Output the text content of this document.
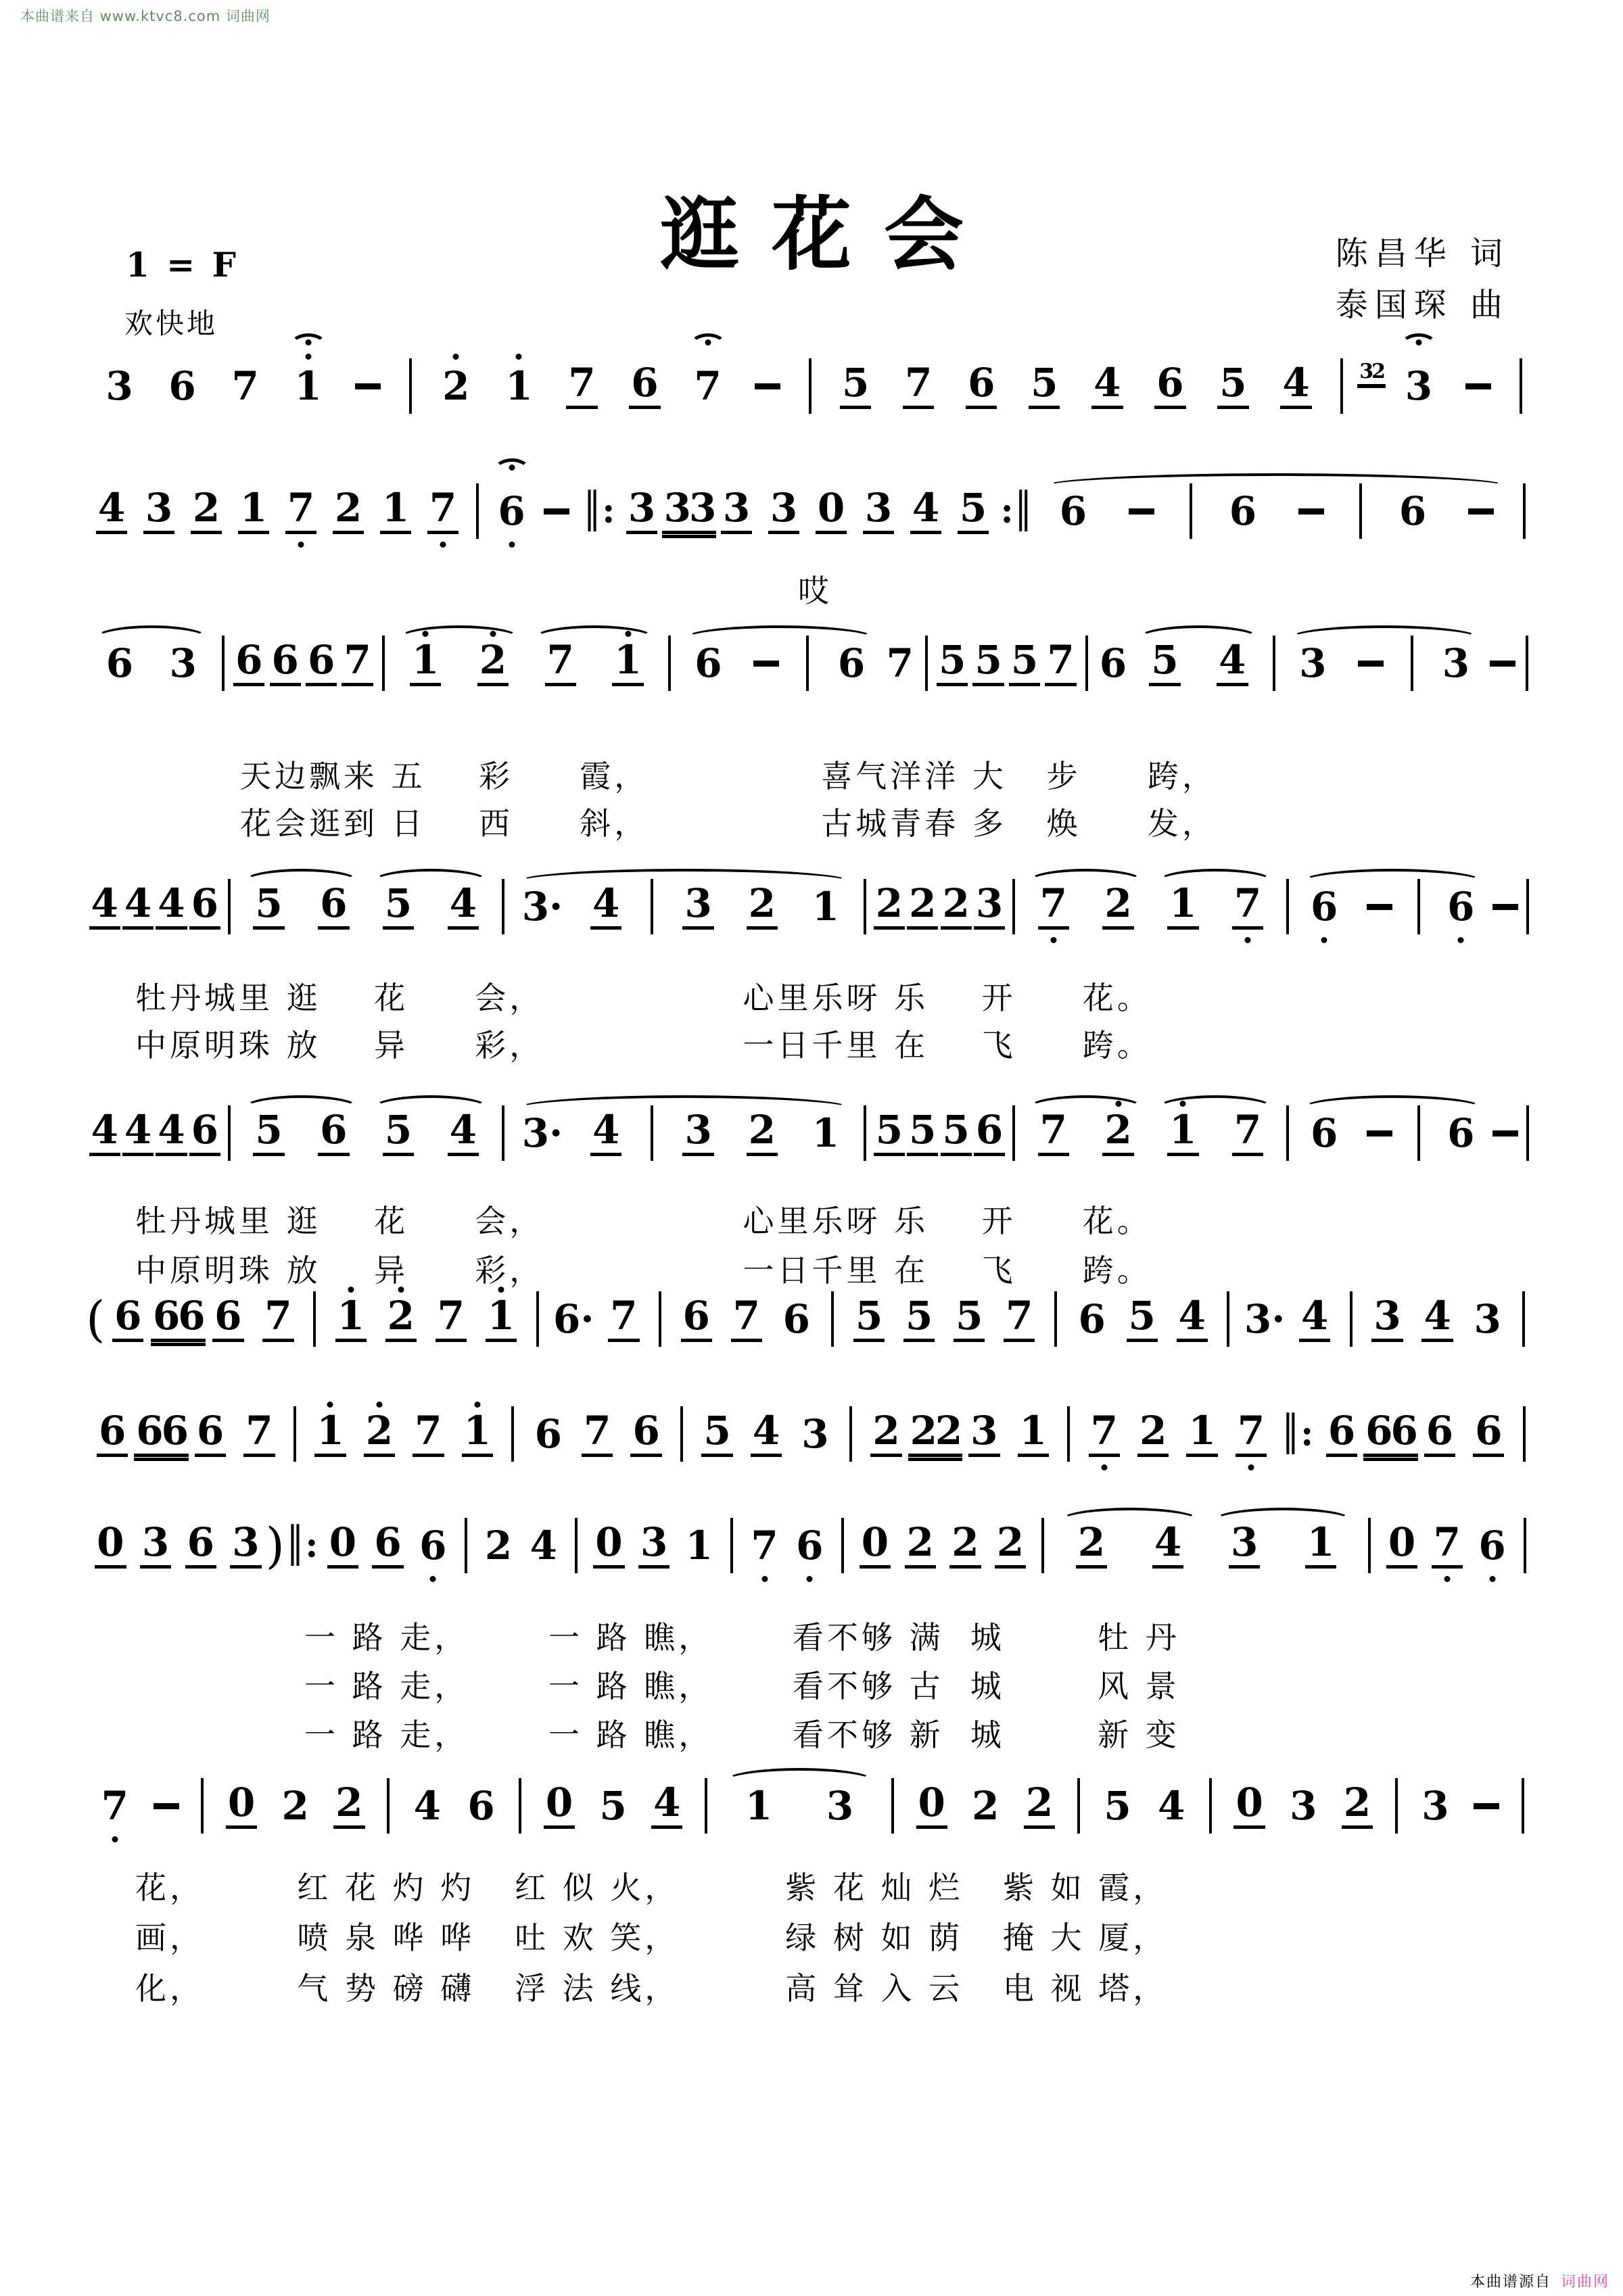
本曲谱来自 www.ktvc8.com 词曲网
逛花会	陈昌华 词
泰国琛 曲
1 = F
欢快地
3 6 7 1	2 1 7 6 7	5 7 6 5 4 6 5 4 32 3
4 3 2 1 7 2 1 7 6 ║: 3 33 3 3 0 3 4 5 :║ 6	6	6
6 3 6 6 6 7 1 2 7 1 6	6 7 5 5 5 7 6 5 4 3	3
4 4 4 6 5 6 5 4 3· 4 3 2 1 2 2 2 3 7 2 1 7 6	6
4 4 4 6 5 6 5 4 3· 4 3 2 1 5 5 5 6 7 2 1 7 6	6
( 6 66 6 7 1 2 7 1 6· 7 6 7 6 5 5 5 7 6 5 4 3· 4 3 4 3
6 66 6 7 1 2 7 1 6 7 6 5 4 3 2 22 3 1 7 2 1 7 ║: 6 66 6 6
0 3 6 3 ) ║: 0 6 6 2 4 0 3 1 7 6 0 2 2 2 2 4 3 1 0 7 6
7	0 2 2 4 6 0 5 4 1 3 0 2 2 5 4 0 3 2 3
哎
天边飘来 五    彩     霞，             喜气洋洋 大   步     跨，
花会逛到 日    西     斜，             古城青春 多   焕     发，
牡丹城里 逛    花     会，               心里乐呀 乐    开     花。
中原明珠 放    异     彩，               一日千里 在    飞     跨。
牡丹城里 逛    花     会，               心里乐呀 乐    开     花。
中原明珠 放    异     彩，               一日千里 在    飞     跨。
一 路 走，      一 路 瞧，      看不够 满  城       牡 丹
一 路 走，      一 路 瞧，      看不够 古  城       风 景
一 路 走，      一 路 瞧，      看不够 新  城       新 变
花，       红 花 灼 灼   红 似 火，        紫 花 灿 烂   紫 如 霞，
画，       喷 泉 哗 哗   吐 欢 笑，        绿 树 如 荫   掩 大 厦，
化，       气 势 磅 礴   浮 法 线，        高 耸 入 云   电 视 塔，
本曲谱源自 词曲网
